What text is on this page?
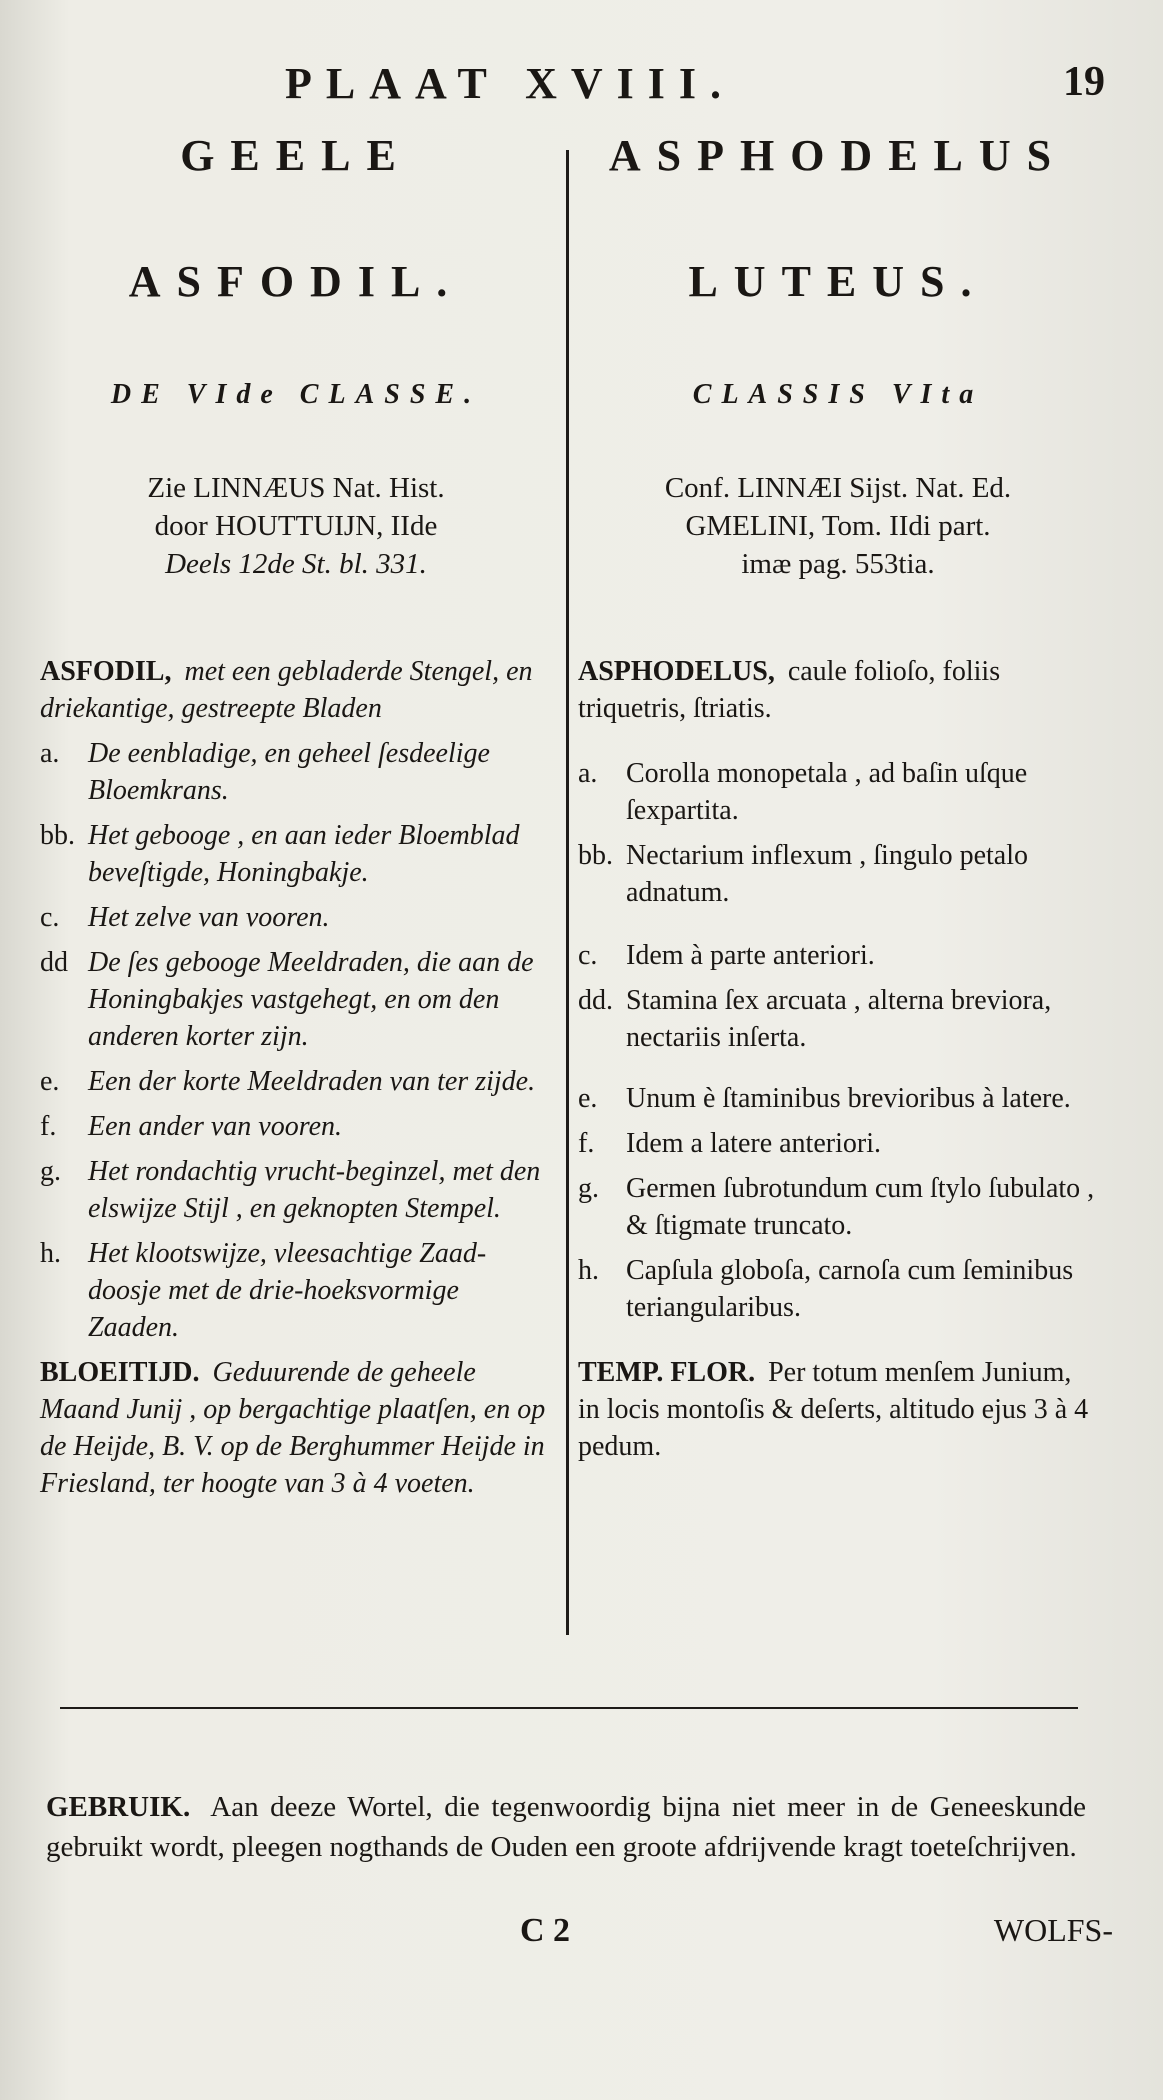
PLAAT XVIII.	19
GEELE
ASFODIL.
DE VIde CLASSE.
Zie LINNÆUS Nat. Hist.
door HOUTTUIJN, IIde
Deels 12de St. bl. 331.
ASFODIL, met een gebladerde Stengel, en driekantige, gestreepte Bladen
a. De eenbladige, en geheel ſesdeelige Bloemkrans.
bb. Het gebooge , en aan ieder Bloemblad beveſtigde, Honingbakje.
c. Het zelve van vooren.
dd De ſes gebooge Meeldraden, die aan de Honingbakjes vastgehegt, en om den anderen korter zijn.
e. Een der korte Meeldraden van ter zijde.
f. Een ander van vooren.
g. Het rondachtig vrucht-beginzel, met den elswijze Stijl , en geknopten Stempel.
h. Het klootswijze, vleesachtige Zaad-doosje met de drie-hoeksvormige Zaaden.
BLOEITIJD. Geduurende de geheele Maand Junij , op bergachtige plaatſen, en op de Heijde, B. V. op de Berghummer Heijde in Friesland, ter hoogte van 3 à 4 voeten.
ASPHODELUS
LUTEUS.
CLASSIS VIta
Conf. LINNÆI Sijst. Nat. Ed.
GMELINI, Tom. IIdi part.
imæ pag. 553tia.
ASPHODELUS, caule folioſo, foliis triquetris, ſtriatis.
a. Corolla monopetala , ad baſin uſque ſexpartita.
bb. Nectarium inflexum , ſingulo petalo adnatum.
c. Idem à parte anteriori.
dd. Stamina ſex arcuata , alterna breviora, nectariis inſerta.
e. Unum è ſtaminibus brevioribus à latere.
f. Idem a latere anteriori.
g. Germen ſubrotundum cum ſtylo ſubulato , & ſtigmate truncato.
h. Capſula globoſa, carnoſa cum ſeminibus teriangularibus.
TEMP. FLOR. Per totum menſem Junium, in locis montoſis & deſerts, altitudo ejus 3 à 4 pedum.
GEBRUIK. Aan deeze Wortel, die tegenwoordig bijna niet meer in de Geneeskunde gebruikt wordt, pleegen nogthands de Ouden een groote afdrijvende kragt toeteſchrijven.
C 2	WOLFS-
